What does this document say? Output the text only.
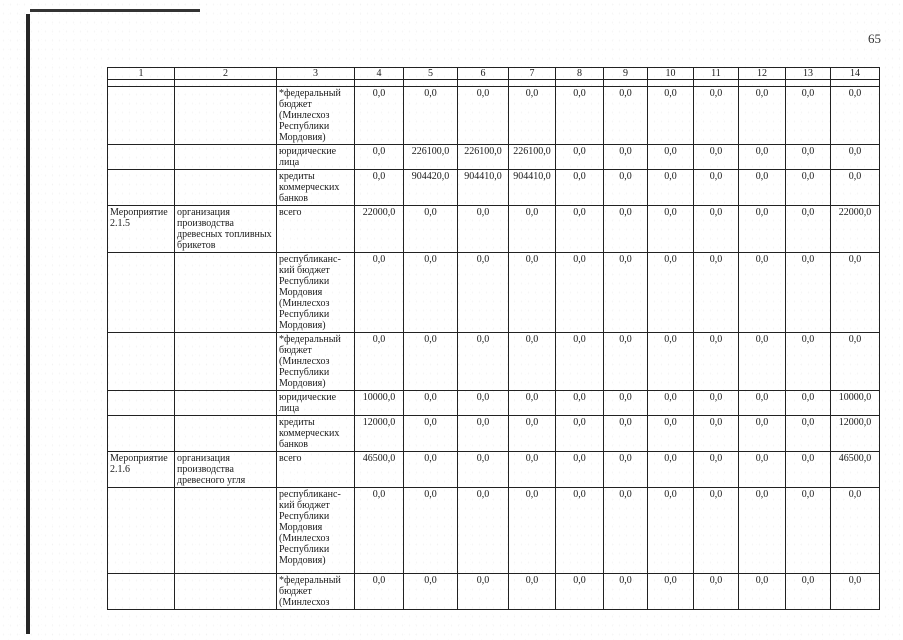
65
1	2	3	4	5	6	7	8	9	10	11	12	13	14

		*федеральный бюджет (Минлесхоз Республики Мордовия)	0,0	0,0	0,0	0,0	0,0	0,0	0,0	0,0	0,0	0,0	0,0
		юридические лица	0,0	226100,0	226100,0	226100,0	0,0	0,0	0,0	0,0	0,0	0,0	0,0
		кредиты коммерческих банков	0,0	904420,0	904410,0	904410,0	0,0	0,0	0,0	0,0	0,0	0,0	0,0
Мероприятие 2.1.5	организация производства древесных топливных брикетов	всего	22000,0	0,0	0,0	0,0	0,0	0,0	0,0	0,0	0,0	0,0	22000,0
		республиканс-кий бюджет Республики Мордовия (Минлесхоз Республики Мордовия)	0,0	0,0	0,0	0,0	0,0	0,0	0,0	0,0	0,0	0,0	0,0
		*федеральный бюджет (Минлесхоз Республики Мордовия)	0,0	0,0	0,0	0,0	0,0	0,0	0,0	0,0	0,0	0,0	0,0
		юридические лица	10000,0	0,0	0,0	0,0	0,0	0,0	0,0	0,0	0,0	0,0	10000,0
		кредиты коммерческих банков	12000,0	0,0	0,0	0,0	0,0	0,0	0,0	0,0	0,0	0,0	12000,0
Мероприятие 2.1.6	организация производства древесного угля	всего	46500,0	0,0	0,0	0,0	0,0	0,0	0,0	0,0	0,0	0,0	46500,0
		республиканс-кий бюджет Республики Мордовия (Минлесхоз Республики Мордовия)	0,0	0,0	0,0	0,0	0,0	0,0	0,0	0,0	0,0	0,0	0,0
		*федеральный бюджет (Минлесхоз	0,0	0,0	0,0	0,0	0,0	0,0	0,0	0,0	0,0	0,0	0,0
